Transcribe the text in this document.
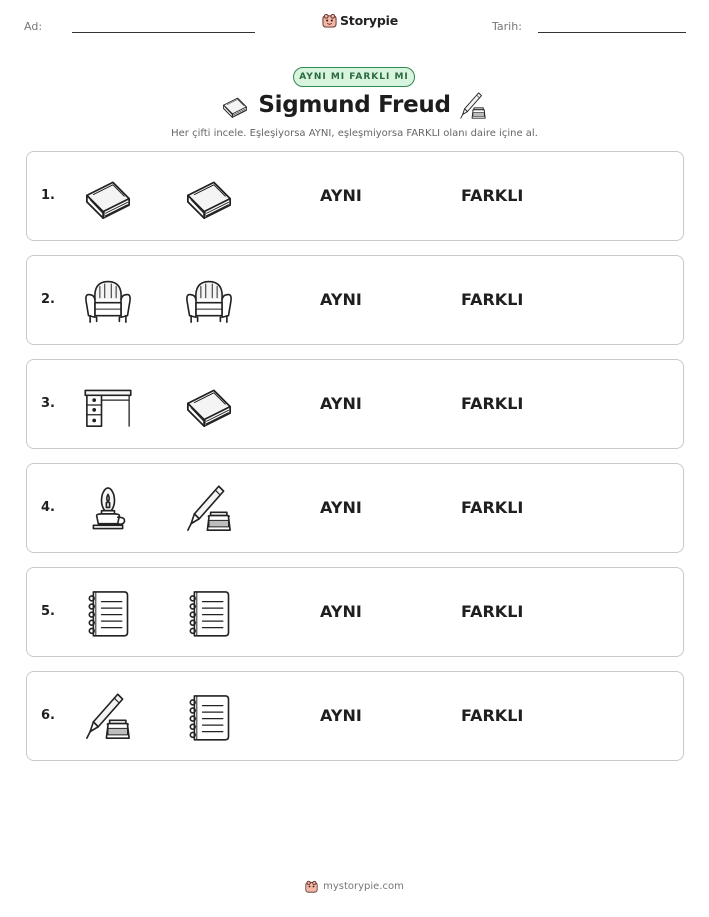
Ad:	Storypie	Tarih:
AYNI MI FARKLI MI
Sigmund Freud
Her çifti incele. Eşleşiyorsa AYNI, eşleşmiyorsa FARKLI olanı daire içine al.
1.	AYNI	FARKLI
2.	AYNI	FARKLI
3.	AYNI	FARKLI
4.	AYNI	FARKLI
5.	AYNI	FARKLI
6.	AYNI	FARKLI
mystorypie.com
